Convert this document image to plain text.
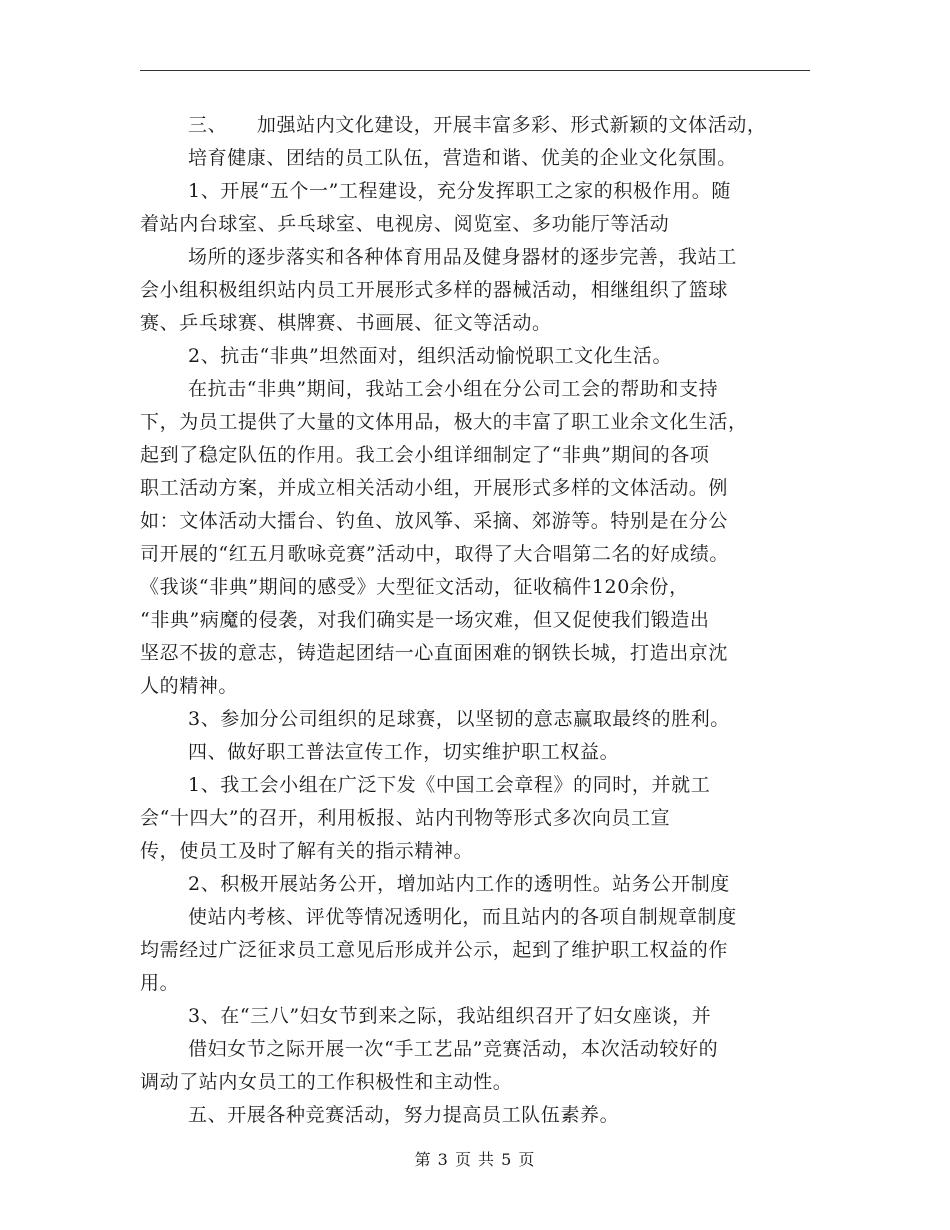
三、　　加强站内文化建设，开展丰富多彩、形式新颖的文体活动，
培育健康、团结的员工队伍，营造和谐、优美的企业文化氛围。
1、开展“五个一”工程建设，充分发挥职工之家的积极作用。随
着站内台球室、乒乓球室、电视房、阅览室、多功能厅等活动
场所的逐步落实和各种体育用品及健身器材的逐步完善，我站工
会小组积极组织站内员工开展形式多样的器械活动，相继组织了篮球
赛、乒乓球赛、棋牌赛、书画展、征文等活动。
2、抗击“非典”坦然面对，组织活动愉悦职工文化生活。
在抗击“非典”期间，我站工会小组在分公司工会的帮助和支持
下，为员工提供了大量的文体用品，极大的丰富了职工业余文化生活，
起到了稳定队伍的作用。我工会小组详细制定了“非典”期间的各项
职工活动方案，并成立相关活动小组，开展形式多样的文体活动。例
如：文体活动大擂台、钓鱼、放风筝、采摘、郊游等。特别是在分公
司开展的“红五月歌咏竞赛”活动中，取得了大合唱第二名的好成绩。
《我谈“非典”期间的感受》大型征文活动，征收稿件120余份，
“非典”病魔的侵袭，对我们确实是一场灾难，但又促使我们锻造出
坚忍不拔的意志，铸造起团结一心直面困难的钢铁长城，打造出京沈
人的精神。
3、参加分公司组织的足球赛，以坚韧的意志赢取最终的胜利。
四、做好职工普法宣传工作，切实维护职工权益。
1、我工会小组在广泛下发《中国工会章程》的同时，并就工
会“十四大”的召开，利用板报、站内刊物等形式多次向员工宣
传，使员工及时了解有关的指示精神。
2、积极开展站务公开，增加站内工作的透明性。站务公开制度
使站内考核、评优等情况透明化，而且站内的各项自制规章制度
均需经过广泛征求员工意见后形成并公示，起到了维护职工权益的作
用。
3、在“三八”妇女节到来之际，我站组织召开了妇女座谈，并
借妇女节之际开展一次“手工艺品”竞赛活动，本次活动较好的
调动了站内女员工的工作积极性和主动性。
五、开展各种竞赛活动，努力提高员工队伍素养。
第 3 页 共 5 页
